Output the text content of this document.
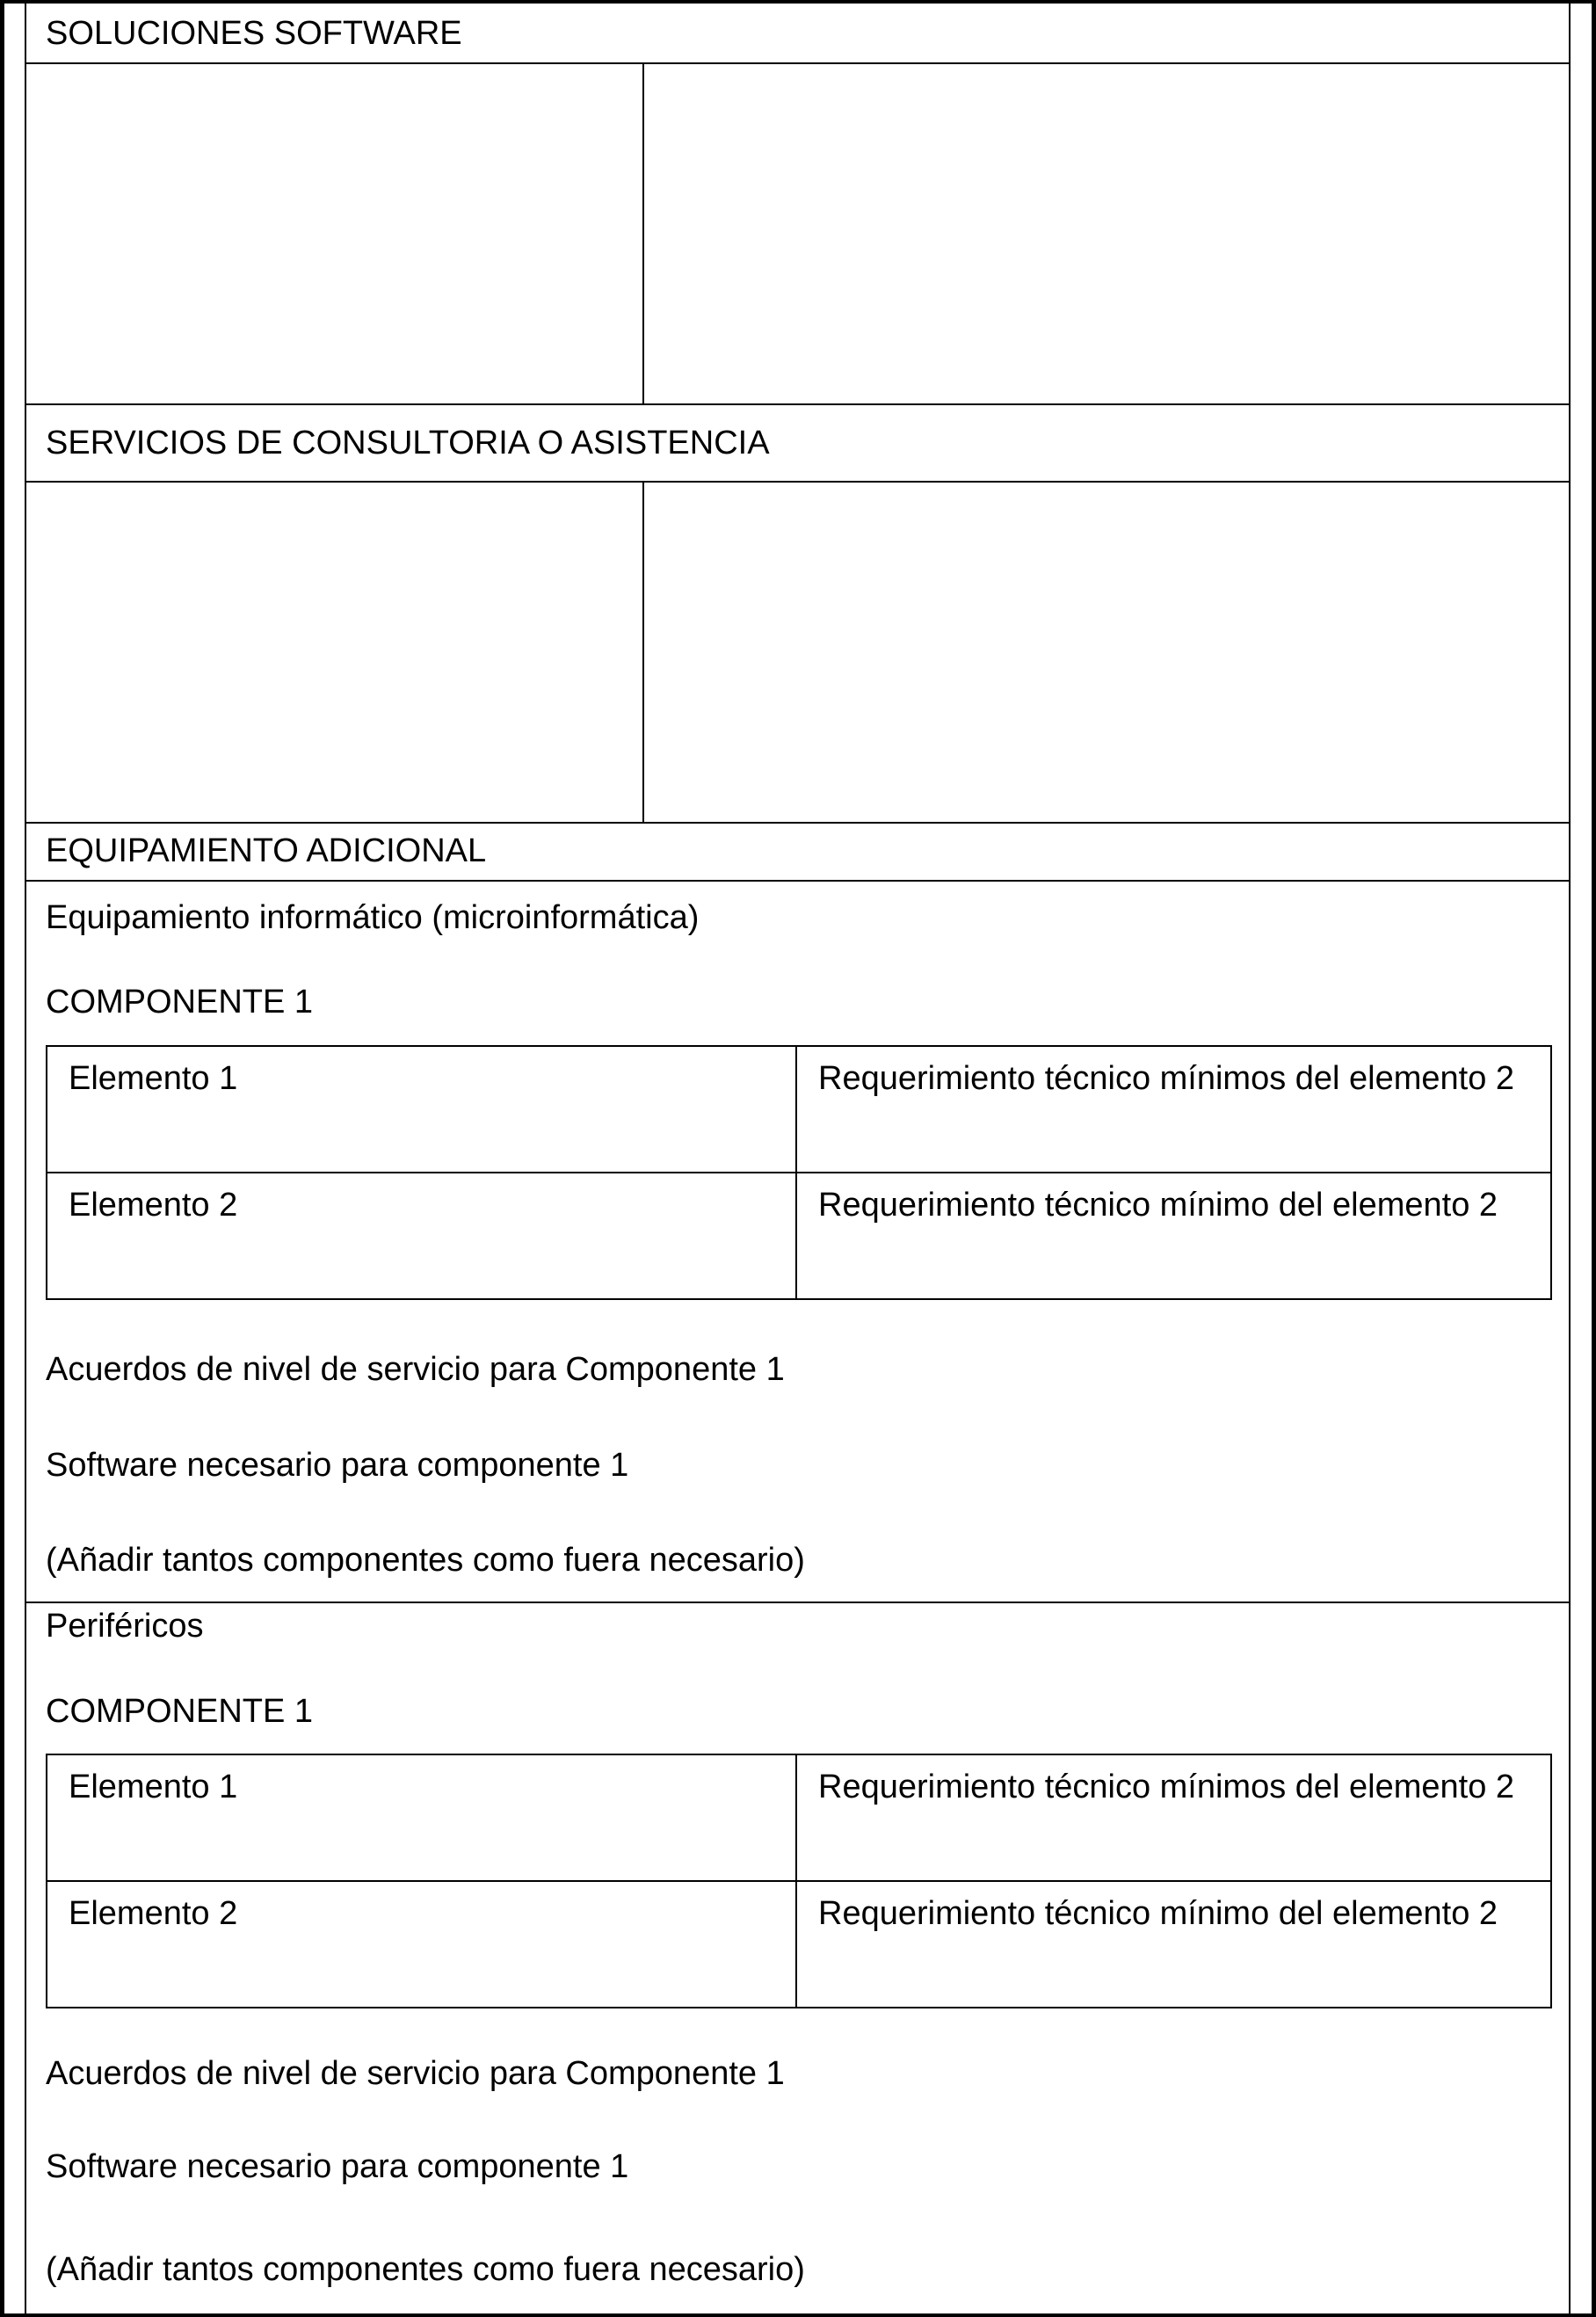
SOLUCIONES SOFTWARE
SERVICIOS DE CONSULTORIA O ASISTENCIA
EQUIPAMIENTO ADICIONAL
Equipamiento informático (microinformática)
COMPONENTE 1
Elemento 1	Requerimiento técnico mínimos del elemento 2
Elemento 2	Requerimiento técnico mínimo del elemento 2
Acuerdos de nivel de servicio para Componente 1
Software necesario para componente 1
(Añadir tantos componentes como fuera necesario)
Periféricos
COMPONENTE 1
Elemento 1	Requerimiento técnico mínimos del elemento 2
Elemento 2	Requerimiento técnico mínimo del elemento 2
Acuerdos de nivel de servicio para Componente 1
Software necesario para componente 1
(Añadir tantos componentes como fuera necesario)
